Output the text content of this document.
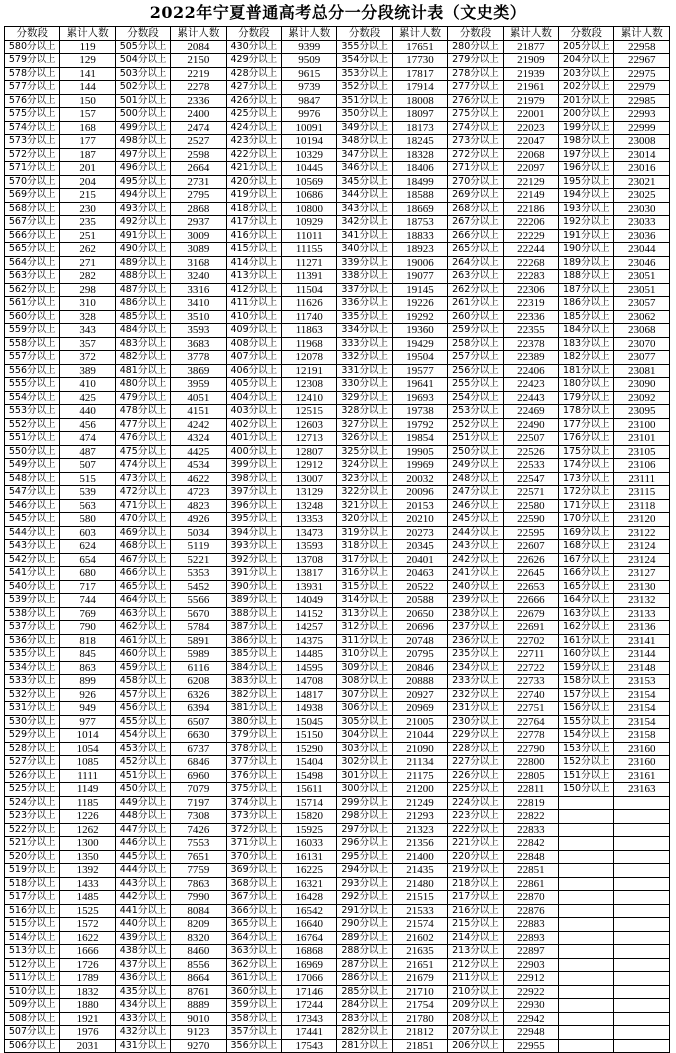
2022年宁夏普通高考总分一分段统计表（文史类）
分数段	累计人数	分数段	累计人数	分数段	累计人数	分数段	累计人数	分数段	累计人数	分数段	累计人数
580分以上	119	505分以上	2084	430分以上	9399	355分以上	17651	280分以上	21877	205分以上	22958
579分以上	129	504分以上	2150	429分以上	9509	354分以上	17730	279分以上	21909	204分以上	22967
578分以上	141	503分以上	2219	428分以上	9615	353分以上	17817	278分以上	21939	203分以上	22975
577分以上	144	502分以上	2278	427分以上	9739	352分以上	17914	277分以上	21961	202分以上	22979
576分以上	150	501分以上	2336	426分以上	9847	351分以上	18008	276分以上	21979	201分以上	22985
575分以上	157	500分以上	2400	425分以上	9976	350分以上	18097	275分以上	22001	200分以上	22993
574分以上	168	499分以上	2474	424分以上	10091	349分以上	18173	274分以上	22023	199分以上	22999
573分以上	177	498分以上	2527	423分以上	10194	348分以上	18245	273分以上	22047	198分以上	23008
572分以上	187	497分以上	2598	422分以上	10329	347分以上	18328	272分以上	22068	197分以上	23014
571分以上	201	496分以上	2664	421分以上	10445	346分以上	18406	271分以上	22097	196分以上	23016
570分以上	204	495分以上	2731	420分以上	10569	345分以上	18499	270分以上	22129	195分以上	23021
569分以上	215	494分以上	2795	419分以上	10686	344分以上	18588	269分以上	22149	194分以上	23025
568分以上	230	493分以上	2868	418分以上	10800	343分以上	18669	268分以上	22186	193分以上	23030
567分以上	235	492分以上	2937	417分以上	10929	342分以上	18753	267分以上	22206	192分以上	23033
566分以上	251	491分以上	3009	416分以上	11011	341分以上	18833	266分以上	22229	191分以上	23036
565分以上	262	490分以上	3089	415分以上	11155	340分以上	18923	265分以上	22244	190分以上	23044
564分以上	271	489分以上	3168	414分以上	11271	339分以上	19006	264分以上	22268	189分以上	23046
563分以上	282	488分以上	3240	413分以上	11391	338分以上	19077	263分以上	22283	188分以上	23051
562分以上	298	487分以上	3316	412分以上	11504	337分以上	19145	262分以上	22306	187分以上	23051
561分以上	310	486分以上	3410	411分以上	11626	336分以上	19226	261分以上	22319	186分以上	23057
560分以上	328	485分以上	3510	410分以上	11740	335分以上	19292	260分以上	22336	185分以上	23062
559分以上	343	484分以上	3593	409分以上	11863	334分以上	19360	259分以上	22355	184分以上	23068
558分以上	357	483分以上	3683	408分以上	11968	333分以上	19429	258分以上	22378	183分以上	23070
557分以上	372	482分以上	3778	407分以上	12078	332分以上	19504	257分以上	22389	182分以上	23077
556分以上	389	481分以上	3869	406分以上	12191	331分以上	19577	256分以上	22406	181分以上	23081
555分以上	410	480分以上	3959	405分以上	12308	330分以上	19641	255分以上	22423	180分以上	23090
554分以上	425	479分以上	4051	404分以上	12410	329分以上	19693	254分以上	22443	179分以上	23092
553分以上	440	478分以上	4151	403分以上	12515	328分以上	19738	253分以上	22469	178分以上	23095
552分以上	456	477分以上	4242	402分以上	12603	327分以上	19792	252分以上	22490	177分以上	23100
551分以上	474	476分以上	4324	401分以上	12713	326分以上	19854	251分以上	22507	176分以上	23101
550分以上	487	475分以上	4425	400分以上	12807	325分以上	19905	250分以上	22526	175分以上	23105
549分以上	507	474分以上	4534	399分以上	12912	324分以上	19969	249分以上	22533	174分以上	23106
548分以上	515	473分以上	4622	398分以上	13007	323分以上	20032	248分以上	22547	173分以上	23111
547分以上	539	472分以上	4723	397分以上	13129	322分以上	20096	247分以上	22571	172分以上	23115
546分以上	563	471分以上	4823	396分以上	13248	321分以上	20153	246分以上	22580	171分以上	23118
545分以上	580	470分以上	4926	395分以上	13353	320分以上	20210	245分以上	22590	170分以上	23120
544分以上	603	469分以上	5034	394分以上	13473	319分以上	20273	244分以上	22595	169分以上	23122
543分以上	624	468分以上	5119	393分以上	13593	318分以上	20345	243分以上	22607	168分以上	23124
542分以上	654	467分以上	5221	392分以上	13708	317分以上	20401	242分以上	22626	167分以上	23124
541分以上	680	466分以上	5353	391分以上	13817	316分以上	20463	241分以上	22645	166分以上	23127
540分以上	717	465分以上	5452	390分以上	13931	315分以上	20522	240分以上	22653	165分以上	23130
539分以上	744	464分以上	5566	389分以上	14049	314分以上	20588	239分以上	22666	164分以上	23132
538分以上	769	463分以上	5670	388分以上	14152	313分以上	20650	238分以上	22679	163分以上	23133
537分以上	790	462分以上	5784	387分以上	14257	312分以上	20696	237分以上	22691	162分以上	23136
536分以上	818	461分以上	5891	386分以上	14375	311分以上	20748	236分以上	22702	161分以上	23141
535分以上	845	460分以上	5989	385分以上	14485	310分以上	20795	235分以上	22711	160分以上	23144
534分以上	863	459分以上	6116	384分以上	14595	309分以上	20846	234分以上	22722	159分以上	23148
533分以上	899	458分以上	6208	383分以上	14708	308分以上	20888	233分以上	22733	158分以上	23153
532分以上	926	457分以上	6326	382分以上	14817	307分以上	20927	232分以上	22740	157分以上	23154
531分以上	949	456分以上	6394	381分以上	14938	306分以上	20969	231分以上	22751	156分以上	23154
530分以上	977	455分以上	6507	380分以上	15045	305分以上	21005	230分以上	22764	155分以上	23154
529分以上	1014	454分以上	6630	379分以上	15150	304分以上	21044	229分以上	22778	154分以上	23158
528分以上	1054	453分以上	6737	378分以上	15290	303分以上	21090	228分以上	22790	153分以上	23160
527分以上	1085	452分以上	6846	377分以上	15404	302分以上	21134	227分以上	22800	152分以上	23160
526分以上	1111	451分以上	6960	376分以上	15498	301分以上	21175	226分以上	22805	151分以上	23161
525分以上	1149	450分以上	7079	375分以上	15611	300分以上	21200	225分以上	22811	150分以上	23163
524分以上	1185	449分以上	7197	374分以上	15714	299分以上	21249	224分以上	22819		
523分以上	1226	448分以上	7308	373分以上	15820	298分以上	21293	223分以上	22822		
522分以上	1262	447分以上	7426	372分以上	15925	297分以上	21323	222分以上	22833		
521分以上	1300	446分以上	7553	371分以上	16033	296分以上	21356	221分以上	22842		
520分以上	1350	445分以上	7651	370分以上	16131	295分以上	21400	220分以上	22848		
519分以上	1392	444分以上	7759	369分以上	16225	294分以上	21435	219分以上	22851		
518分以上	1433	443分以上	7863	368分以上	16321	293分以上	21480	218分以上	22861		
517分以上	1485	442分以上	7990	367分以上	16428	292分以上	21515	217分以上	22870		
516分以上	1525	441分以上	8084	366分以上	16542	291分以上	21533	216分以上	22876		
515分以上	1572	440分以上	8209	365分以上	16640	290分以上	21574	215分以上	22883		
514分以上	1622	439分以上	8320	364分以上	16764	289分以上	21602	214分以上	22893		
513分以上	1666	438分以上	8460	363分以上	16868	288分以上	21635	213分以上	22897		
512分以上	1726	437分以上	8556	362分以上	16969	287分以上	21651	212分以上	22903		
511分以上	1789	436分以上	8664	361分以上	17066	286分以上	21679	211分以上	22912		
510分以上	1832	435分以上	8761	360分以上	17146	285分以上	21710	210分以上	22922		
509分以上	1880	434分以上	8889	359分以上	17244	284分以上	21754	209分以上	22930		
508分以上	1921	433分以上	9010	358分以上	17343	283分以上	21780	208分以上	22942		
507分以上	1976	432分以上	9123	357分以上	17441	282分以上	21812	207分以上	22948		
506分以上	2031	431分以上	9270	356分以上	17543	281分以上	21851	206分以上	22955		
